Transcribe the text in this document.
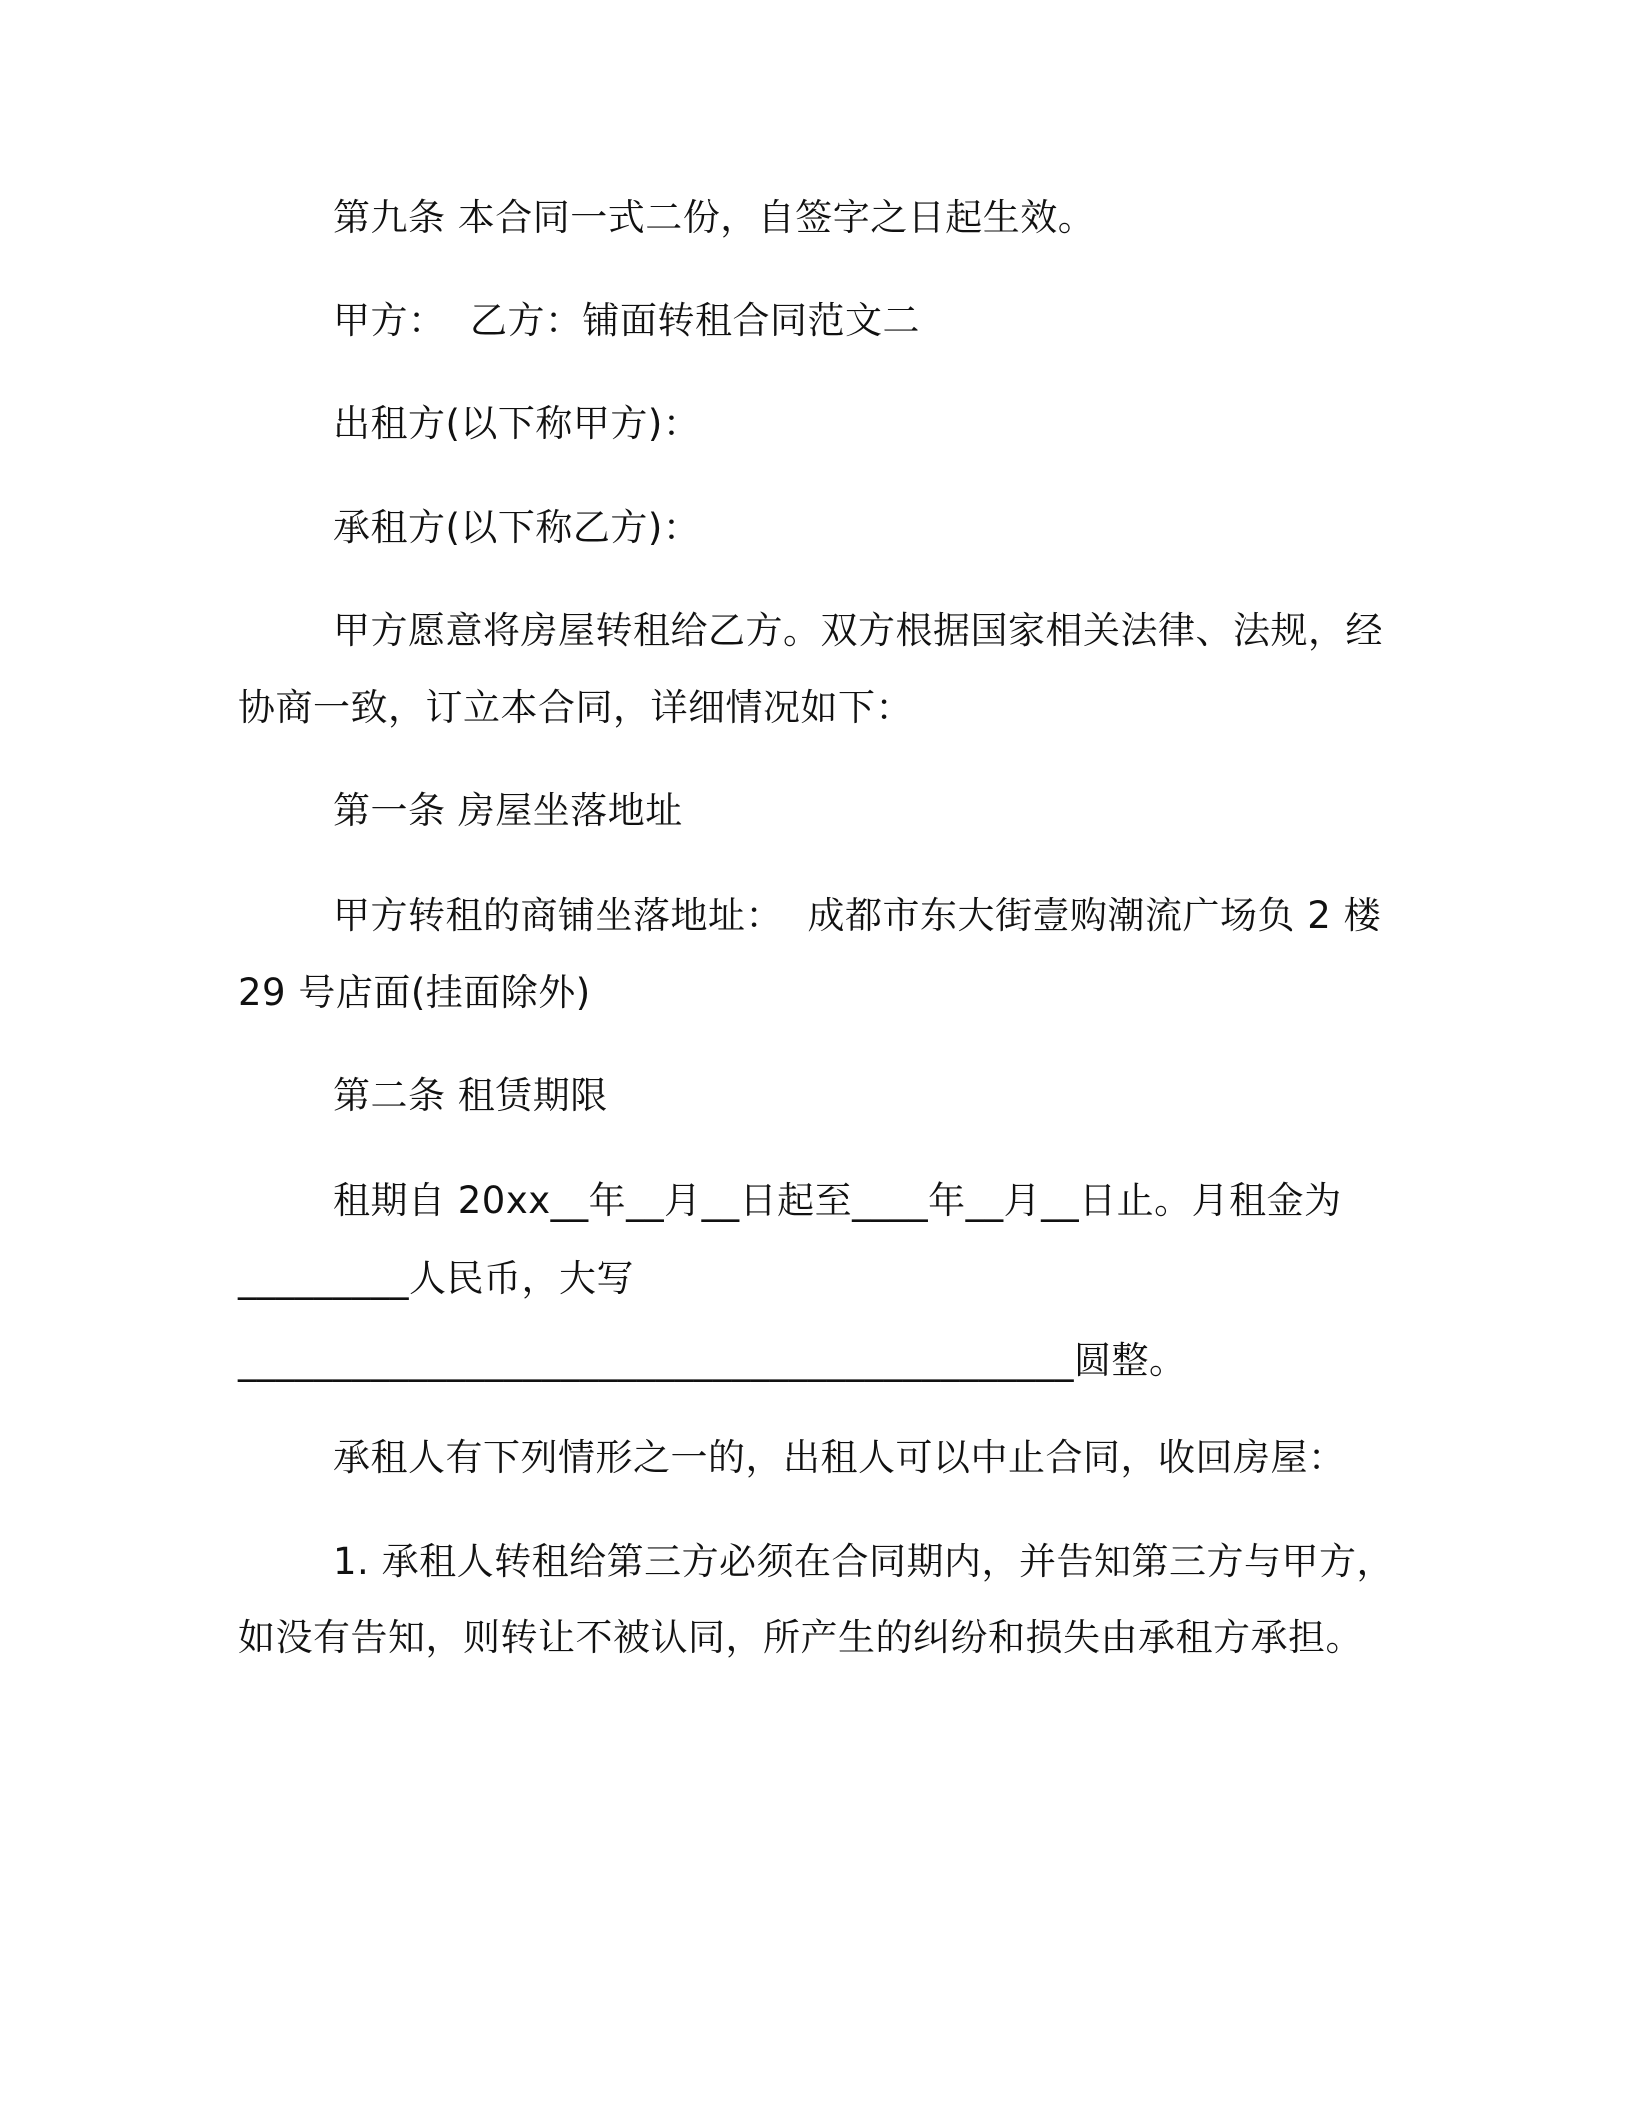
第九条 本合同一式二份，自签字之日起生效。

甲方：  乙方：铺面转租合同范文二

出租方(以下称甲方)：

承租方(以下称乙方)：

甲方愿意将房屋转租给乙方。双方根据国家相关法律、法规，经

协商一致，订立本合同，详细情况如下：

第一条 房屋坐落地址

甲方转租的商铺坐落地址：  成都市东大街壹购潮流广场负 2 楼

29 号店面(挂面除外)

第二条 租赁期限

租期自 20xx__年__月__日起至____年__月__日止。月租金为

_________人民币，大写

____________________________________________圆整。

承租人有下列情形之一的，出租人可以中止合同，收回房屋：

1. 承租人转租给第三方必须在合同期内，并告知第三方与甲方，

如没有告知，则转让不被认同，所产生的纠纷和损失由承租方承担。
